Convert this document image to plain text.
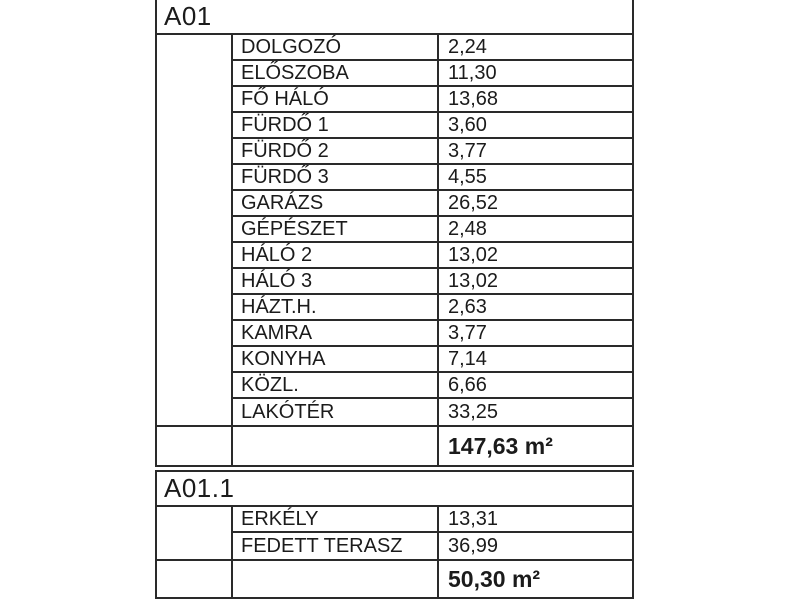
A01
DOLGOZÓ	2,24
ELŐSZOBA	11,30
FŐ HÁLÓ	13,68
FÜRDŐ 1	3,60
FÜRDŐ 2	3,77
FÜRDŐ 3	4,55
GARÁZS	26,52
GÉPÉSZET	2,48
HÁLÓ 2	13,02
HÁLÓ 3	13,02
HÁZT.H.	2,63
KAMRA	3,77
KONYHA	7,14
KÖZL.	6,66
LAKÓTÉR	33,25
147,63 m²
A01.1
ERKÉLY	13,31
FEDETT TERASZ	36,99
50,30 m²
